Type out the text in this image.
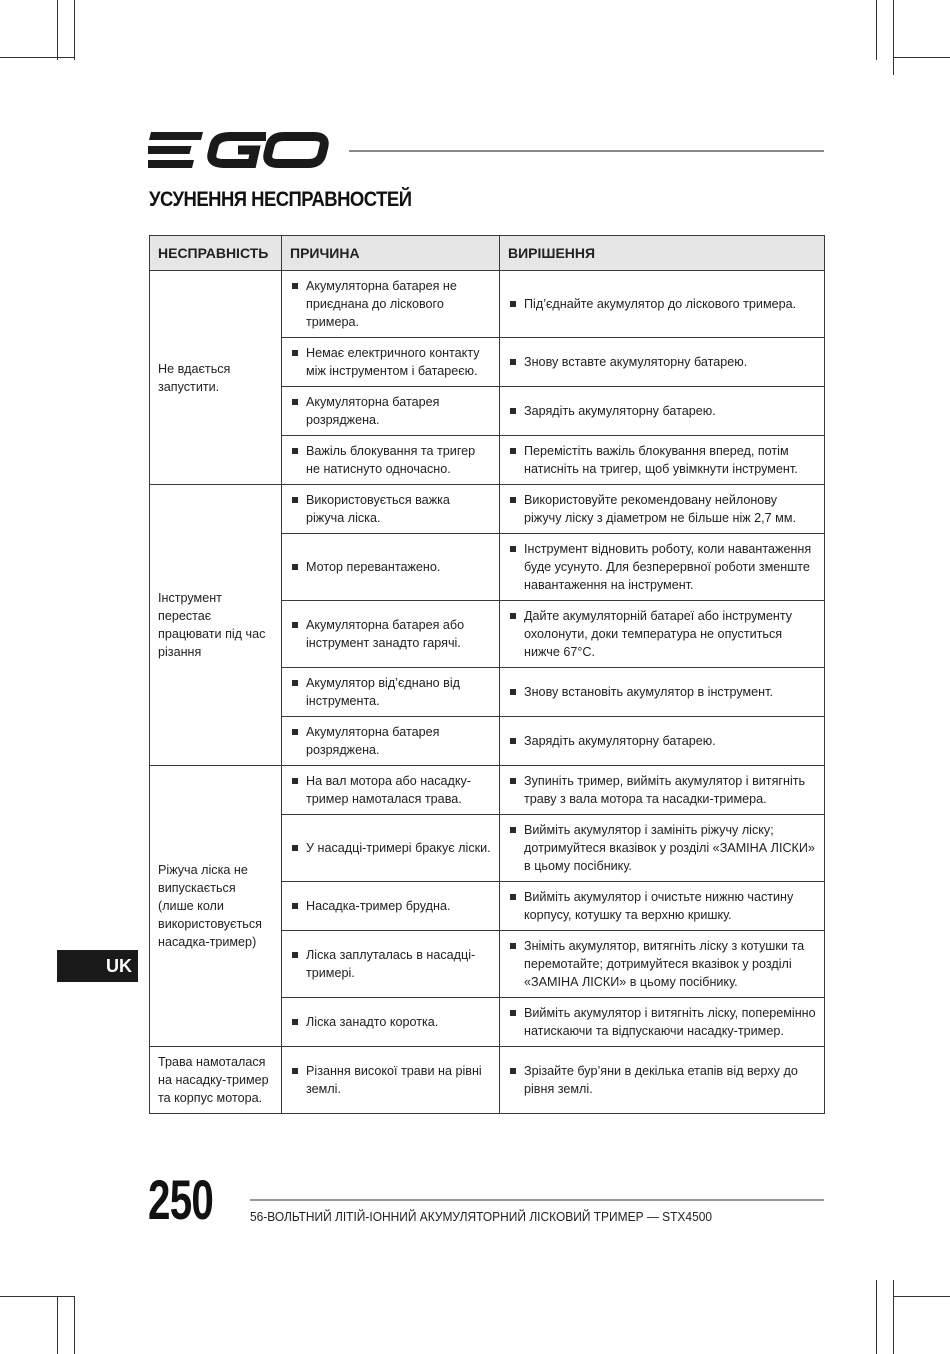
УСУНЕННЯ НЕСПРАВНОСТЕЙ
НЕСПРАВНІСТЬ	ПРИЧИНА	ВИРІШЕННЯ
Не вдається запустити.	Акумуляторна батарея не приєднана до лiскового тримера.	Під’єднайте акумулятор до лiскового тримера.

	Немає електричного контакту між інструментом і батареєю.	Знову вставте акумуляторну батарею.

	Акумуляторна батарея розряджена.	Зарядіть акумуляторну батарею.

	Важіль блокування та тригер не натиснуто одночасно.	Перемістіть важіль блокування вперед, потім натисніть на тригер, щоб увімкнути інструмент.

Інструмент перестає працювати під час різання	Використовується важка ріжуча ліска.	Використовуйте рекомендовану нейлонову ріжучу ліску з діаметром не більше ніж 2,7 мм.

	Мотор перевантажено.	Інструмент відновить роботу, коли навантаження буде усунуто. Для безперервної роботи зменште навантаження на інструмент.

	Акумуляторна батарея або інструмент занадто гарячі.	Дайте акумуляторній батареї або інструменту охолонути, доки температура не опуститься нижче 67°C.

	Акумулятор від’єднано від інструмента.	Знову встановіть акумулятор в інструмент.

	Акумуляторна батарея розряджена.	Зарядіть акумуляторну батарею.

Ріжуча ліска не випускається (лише коли використовується насадка-тример)	На вал мотора або насадку-тример намоталася трава.	Зупиніть тример, вийміть акумулятор і витягніть траву з вала мотора та насадки-тримера.

	У насадці-тримері бракує ліски.	Вийміть акумулятор і замініть ріжучу ліску; дотримуйтеся вказівок у розділі «ЗАМІНА ЛІСКИ» в цьому посібнику.

	Насадка-тример брудна.	Вийміть акумулятор і очистьте нижню частину корпусу, котушку та верхню кришку.

	Ліска заплуталась в насадці-тримері.	Зніміть акумулятор, витягніть ліску з котушки та перемотайте; дотримуйтеся вказівок у розділі «ЗАМІНА ЛІСКИ» в цьому посібнику.

	Ліска занадто коротка.	Вийміть акумулятор і витягніть ліску, поперемінно натискаючи та відпускаючи насадку-тример.

Трава намоталася на насадку-тример та корпус мотора.	Різання високої трави на рівні землі.	Зрізайте бур’яни в декілька етапів від верху до рівня землі.
UK
250	56-ВОЛЬТНИЙ ЛІТІЙ-ІОННИЙ АКУМУЛЯТОРНИЙ ЛІСКОВИЙ ТРИМЕР — STX4500
